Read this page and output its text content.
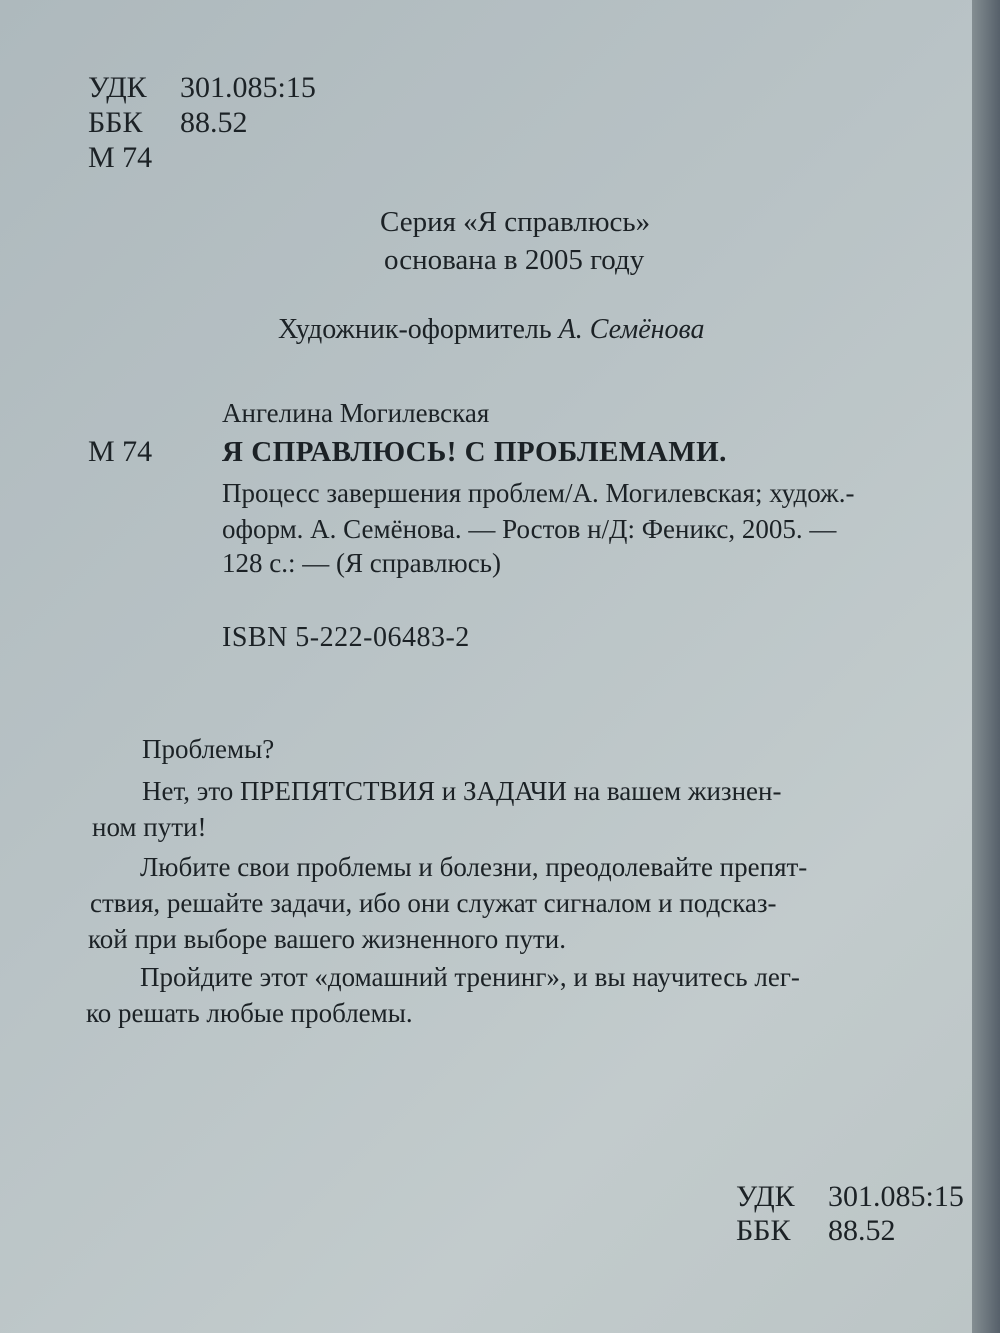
УДК 301.085:15
ББК 88.52
М 74
Серия «Я справлюсь»
основана в 2005 году
Художник-оформитель А. Семёнова
Ангелина Могилевская
М 74 Я СПРАВЛЮСЬ! С ПРОБЛЕМАМИ.
Процесс завершения проблем/А. Могилевская; худож.-
оформ. А. Семёнова. — Ростов н/Д: Феникс, 2005. —
128 с.: — (Я справлюсь)
ISBN 5-222-06483-2
Проблемы?
Нет, это ПРЕПЯТСТВИЯ и ЗАДАЧИ на вашем жизнен-
ном пути!
Любите свои проблемы и болезни, преодолевайте препят-
ствия, решайте задачи, ибо они служат сигналом и подсказ-
кой при выборе вашего жизненного пути.
Пройдите этот «домашний тренинг», и вы научитесь лег-
ко решать любые проблемы.
УДК 301.085:15
ББК 88.52
